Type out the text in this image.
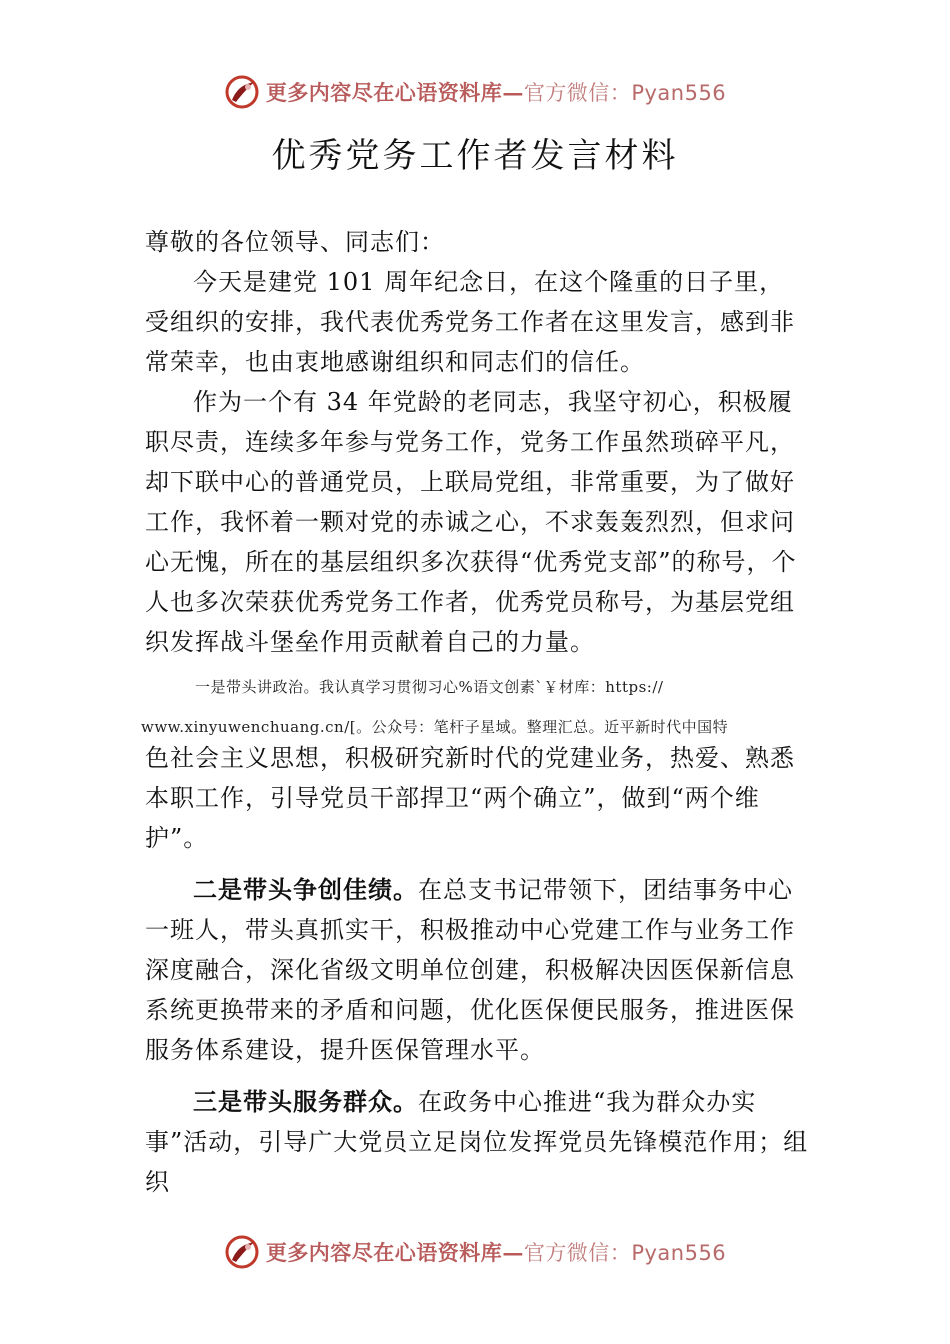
更多内容尽在心语资料库—官方微信：Pyan556
优秀党务工作者发言材料

尊敬的各位领导、同志们：

今天是建党 101 周年纪念日，在这个隆重的日子里，受组织的安排，我代表优秀党务工作者在这里发言，感到非常荣幸，也由衷地感谢组织和同志们的信任。

作为一个有 34 年党龄的老同志，我坚守初心，积极履职尽责，连续多年参与党务工作，党务工作虽然琐碎平凡，却下联中心的普通党员，上联局党组，非常重要，为了做好工作，我怀着一颗对党的赤诚之心，不求轰轰烈烈，但求问心无愧，所在的基层组织多次获得“优秀党支部”的称号，个人也多次荣获优秀党务工作者，优秀党员称号，为基层党组织发挥战斗堡垒作用贡献着自己的力量。

一是带头讲政治。我认真学习贯彻习心%语文创素`￥材库：https://

www.xinyuwenchuang.cn/[。公众号：笔杆子星域。整理汇总。近平新时代中国特

色社会主义思想，积极研究新时代的党建业务，热爱、熟悉本职工作，引导党员干部捍卫“两个确立”，做到“两个维护”。

二是带头争创佳绩。在总支书记带领下，团结事务中心一班人，带头真抓实干，积极推动中心党建工作与业务工作深度融合，深化省级文明单位创建，积极解决因医保新信息系统更换带来的矛盾和问题，优化医保便民服务，推进医保服务体系建设，提升医保管理水平。

三是带头服务群众。在政务中心推进“我为群众办实事”活动，引导广大党员立足岗位发挥党员先锋模范作用；组织

更多内容尽在心语资料库—官方微信：Pyan556
